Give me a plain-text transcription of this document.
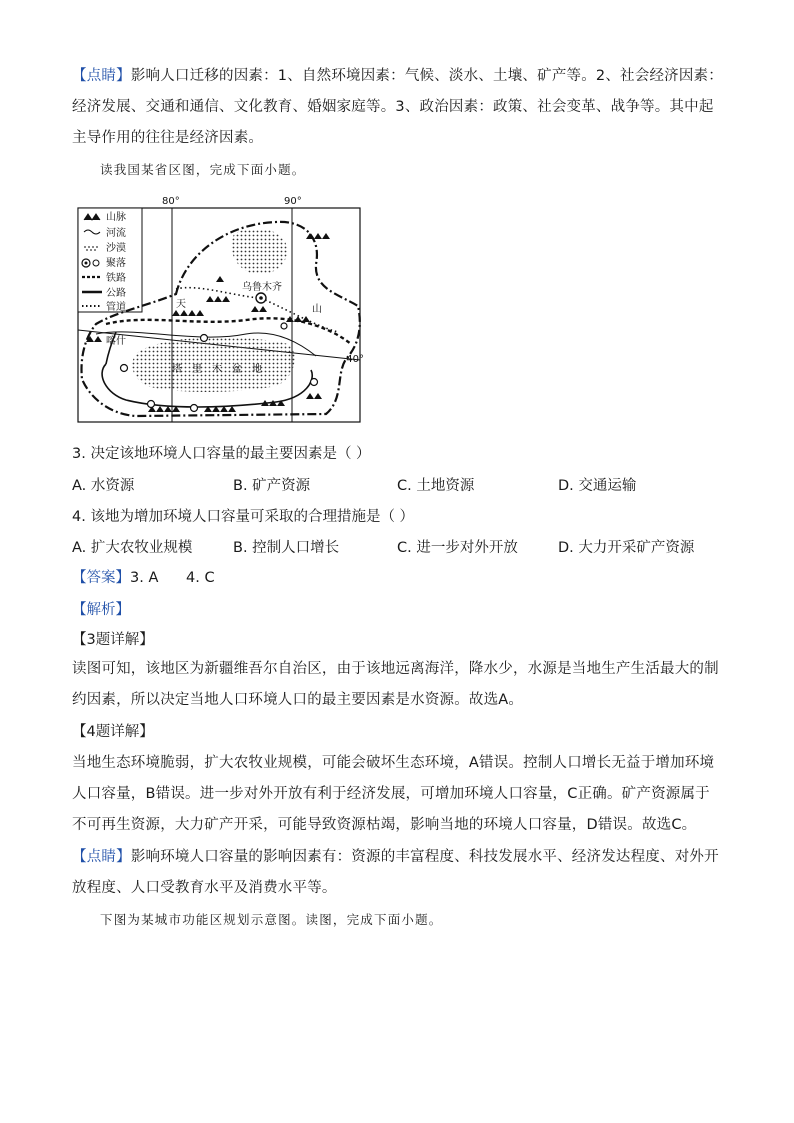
【点睛】影响人口迁移的因素：1、自然环境因素：气候、淡水、土壤、矿产等。2、社会经济因素：经济发展、交通和通信、文化教育、婚姻家庭等。3、政治因素：政策、社会变革、战争等。其中起主导作用的往往是经济因素。
读我国某省区图，完成下面小题。
80°	90°
40°
山脉
河流
沙漠
聚落
铁路
公路
管道	天	山
乌鲁木齐
喀什
塔 里 木 盆 地
3. 决定该地环境人口容量的最主要因素是（ ）
A. 水资源	B. 矿产资源	C. 土地资源	D. 交通运输
4. 该地为增加环境人口容量可采取的合理措施是（ ）
A. 扩大农牧业规模	B. 控制人口增长	C. 进一步对外开放	D. 大力开采矿产资源
【答案】3. A      4. C
【解析】
【3题详解】
读图可知，该地区为新疆维吾尔自治区，由于该地远离海洋，降水少，水源是当地生产生活最大的制约因素，所以决定当地人口环境人口的最主要因素是水资源。故选A。
【4题详解】
当地生态环境脆弱，扩大农牧业规模，可能会破坏生态环境，A错误。控制人口增长无益于增加环境人口容量，B错误。进一步对外开放有利于经济发展，可增加环境人口容量，C正确。矿产资源属于不可再生资源，大力矿产开采，可能导致资源枯竭，影响当地的环境人口容量，D错误。故选C。
【点睛】影响环境人口容量的影响因素有：资源的丰富程度、科技发展水平、经济发达程度、对外开放程度、人口受教育水平及消费水平等。
下图为某城市功能区规划示意图。读图，完成下面小题。
